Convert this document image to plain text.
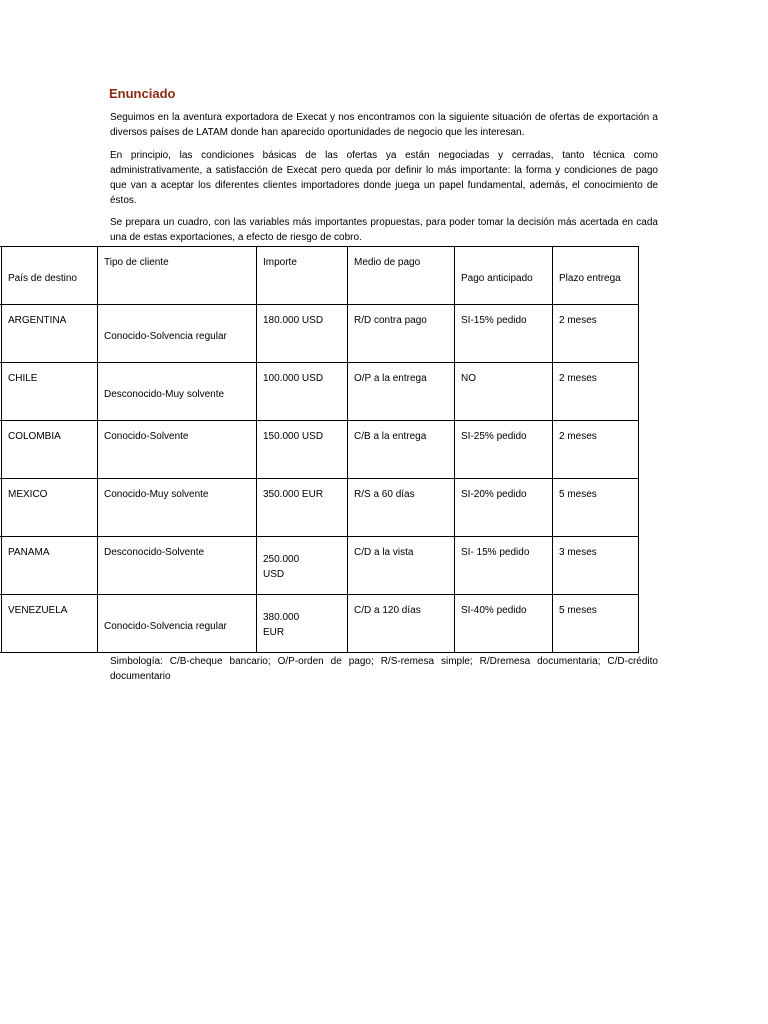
Enunciado

Seguimos en la aventura exportadora de Execat y nos encontramos con la siguiente situación de ofertas de exportación a diversos países de LATAM donde han aparecido oportunidades de negocio que les interesan.

En principio, las condiciones básicas de las ofertas ya están negociadas y cerradas, tanto técnica como administrativamente, a satisfacción de Execat pero queda por definir lo más importante: la forma y condiciones de pago que van a aceptar los diferentes clientes importadores donde juega un papel fundamental, además, el conocimiento de éstos.

Se prepara un cuadro, con las variables más importantes propuestas, para poder tomar la decisión más acertada en cada una de estas exportaciones, a efecto de riesgo de cobro.

	País de destino	Tipo de cliente	Importe	Medio de pago	Pago anticipado	Plazo entrega

	ARGENTINA	Conocido-Solvencia regular	180.000 USD	R/D contra pago	SI-15% pedido	2 meses

	CHILE	Desconocido-Muy solvente	100.000 USD	O/P a la entrega	NO	2 meses

	COLOMBIA	Conocido-Solvente	150.000 USD	C/B a la entrega	SI-25% pedido	2 meses

	MEXICO	Conocido-Muy solvente	350.000 EUR	R/S a 60 días	SI-20% pedido	5 meses

	PANAMA	Desconocido-Solvente	250.000 USD	C/D a la vista	SI- 15% pedido	3 meses

	VENEZUELA	Conocido-Solvencia regular	380.000 EUR	C/D a 120 días	SI-40% pedido	5 meses

Simbología: C/B-cheque bancario; O/P-orden de pago; R/S-remesa simple; R/Dremesa documentaria; C/D-crédito documentario
